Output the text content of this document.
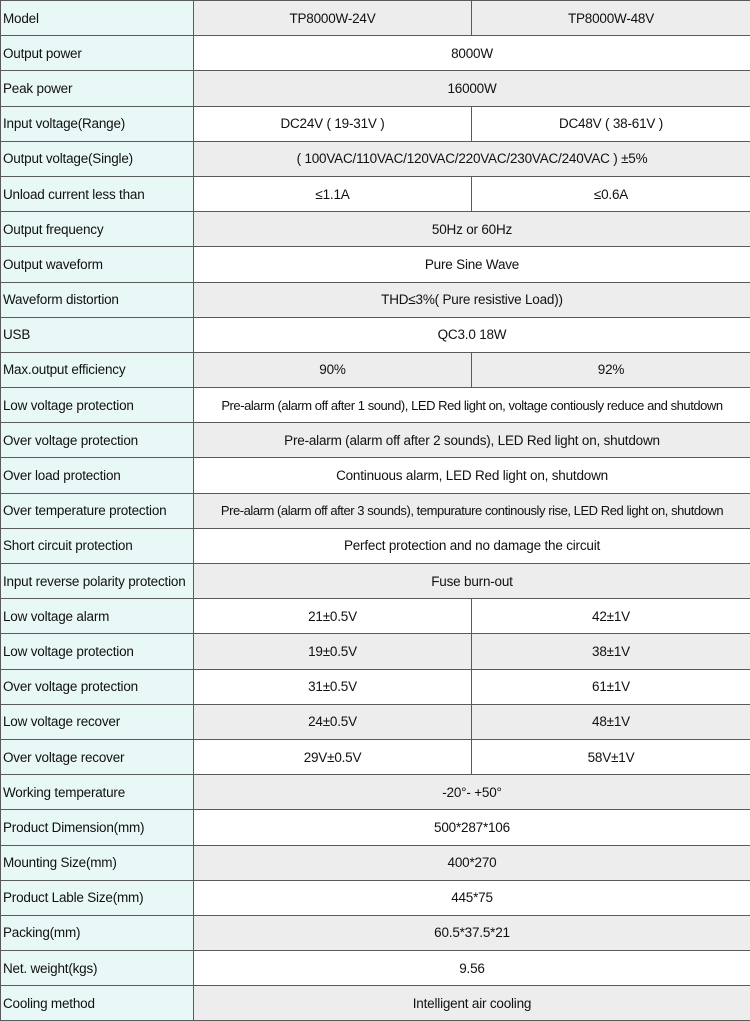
Model	TP8000W-24V	TP8000W-48V
Output power	8000W	
Peak power	16000W	
Input voltage(Range)	DC24V ( 19-31V )	DC48V ( 38-61V )
Output voltage(Single)	( 100VAC/110VAC/120VAC/220VAC/230VAC/240VAC ) ±5%	
Unload current less than	≤1.1A	≤0.6A
Output frequency	50Hz or 60Hz	
Output waveform	Pure Sine Wave	
Waveform distortion	THD≤3%( Pure resistive Load))	
USB	QC3.0 18W	
Max.output efficiency	90%	92%
Low voltage protection	Pre-alarm (alarm off after 1 sound), LED Red light on, voltage contiously reduce and shutdown	
Over voltage protection	Pre-alarm (alarm off after 2 sounds), LED Red light on, shutdown	
Over load protection	Continuous alarm, LED Red light on, shutdown	
Over temperature protection	Pre-alarm (alarm off after 3 sounds), tempurature continously rise, LED Red light on, shutdown	
Short circuit protection	Perfect protection and no damage the circuit	
Input reverse polarity protection	Fuse burn-out	
Low voltage alarm	21±0.5V	42±1V
Low voltage protection	19±0.5V	38±1V
Over voltage protection	31±0.5V	61±1V
Low voltage recover	24±0.5V	48±1V
Over voltage recover	29V±0.5V	58V±1V
Working temperature	-20°- +50°	
Product Dimension(mm)	500*287*106	
Mounting Size(mm)	400*270	
Product Lable Size(mm)	445*75	
Packing(mm)	60.5*37.5*21	
Net. weight(kgs)	9.56	
Cooling method	Intelligent air cooling	
